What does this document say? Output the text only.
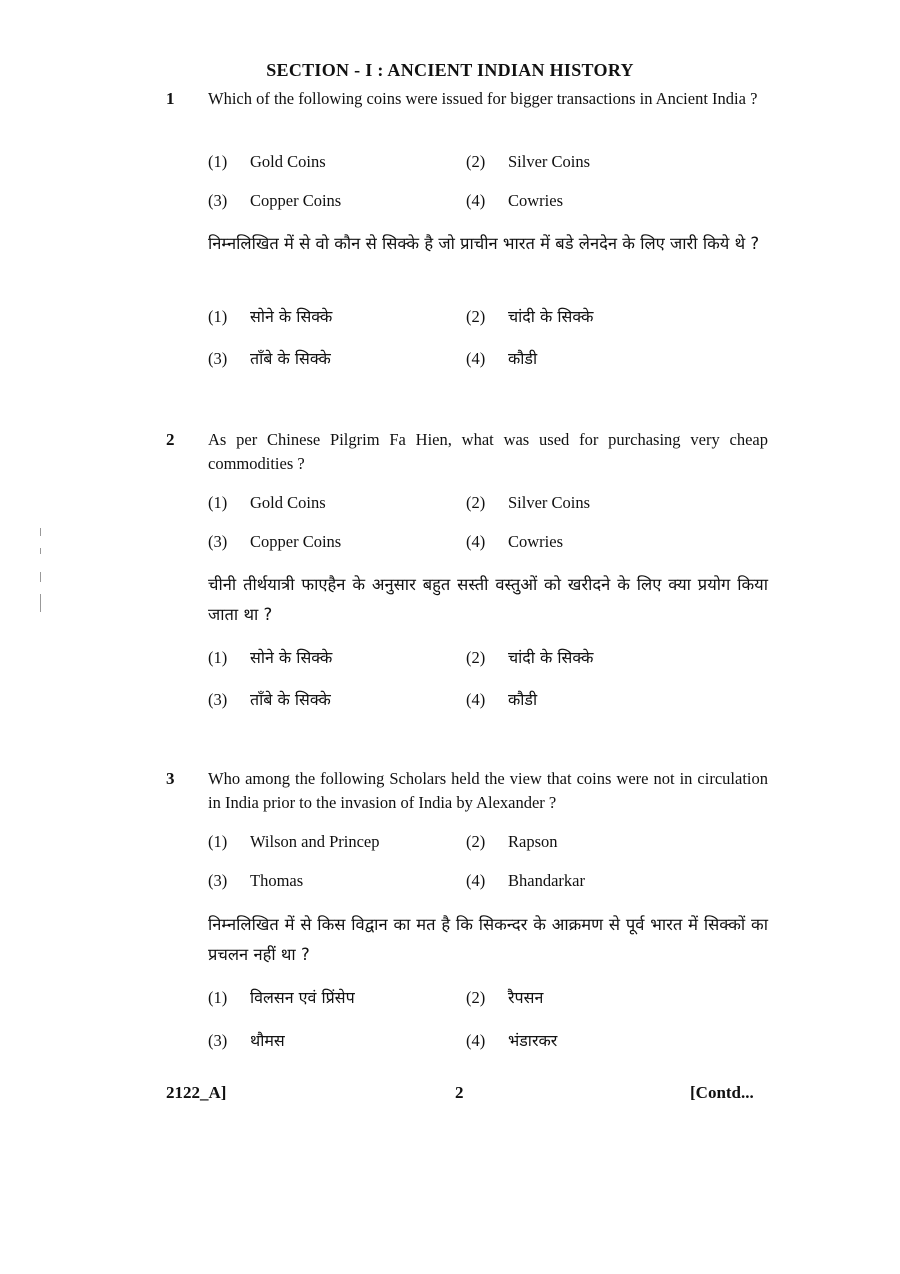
SECTION - I : ANCIENT INDIAN HISTORY
1 Which of the following coins were issued for bigger transactions in Ancient India ?
(1) Gold Coins	(2) Silver Coins
(3) Copper Coins	(4) Cowries
निम्नलिखित में से वो कौन से सिक्के है जो प्राचीन भारत में बडे लेनदेन के लिए जारी किये थे ?
(1) सोने के सिक्के	(2) चांदी के सिक्के
(3) ताँबे के सिक्के	(4) कौडी
2 As per Chinese Pilgrim Fa Hien, what was used for purchasing very cheap commodities ?
(1) Gold Coins	(2) Silver Coins
(3) Copper Coins	(4) Cowries
चीनी तीर्थयात्री फाएहैन के अनुसार बहुत सस्ती वस्तुओं को खरीदने के लिए क्या प्रयोग किया जाता था ?
(1) सोने के सिक्के	(2) चांदी के सिक्के
(3) ताँबे के सिक्के	(4) कौडी
3 Who among the following Scholars held the view that coins were not in circulation in India prior to the invasion of India by Alexander ?
(1) Wilson and Princep	(2) Rapson
(3) Thomas	(4) Bhandarkar
निम्नलिखित में से किस विद्वान का मत है कि सिकन्दर के आक्रमण से पूर्व भारत में सिक्कों का प्रचलन नहीं था ?
(1) विलसन एवं प्रिंसेप	(2) रैपसन
(3) थौमस	(4) भंडारकर
2122_A]	2	[Contd...
